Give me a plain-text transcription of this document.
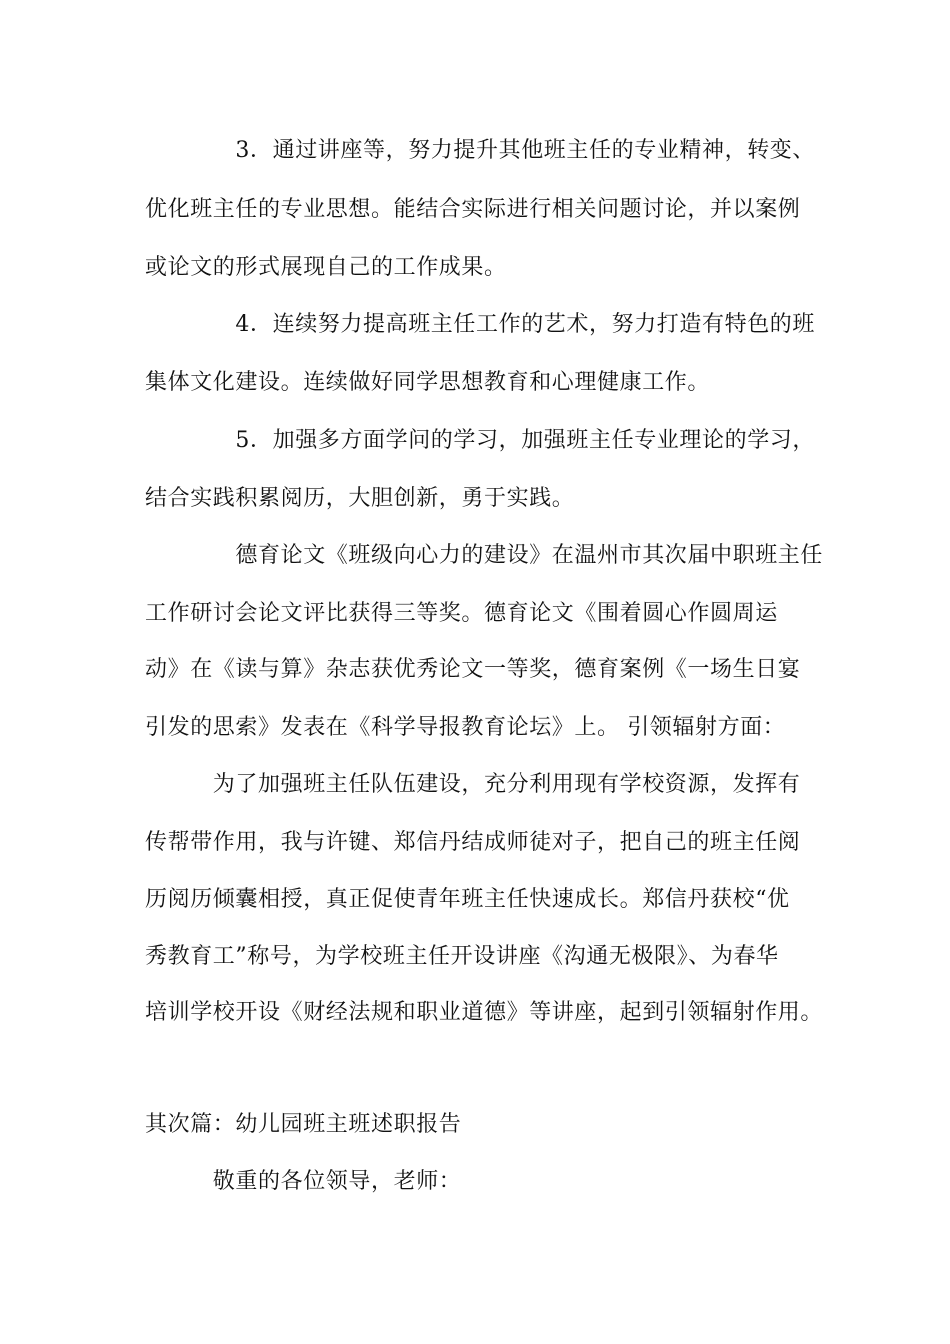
　　　　3．通过讲座等，努力提升其他班主任的专业精神，转变、
优化班主任的专业思想。能结合实际进行相关问题讨论，并以案例
或论文的形式展现自己的工作成果。
　　　　4．连续努力提高班主任工作的艺术，努力打造有特色的班
集体文化建设。连续做好同学思想教育和心理健康工作。
　　　　5．加强多方面学问的学习，加强班主任专业理论的学习，
结合实践积累阅历，大胆创新，勇于实践。
　　　　德育论文《班级向心力的建设》在温州市其次届中职班主任
工作研讨会论文评比获得三等奖。德育论文《围着圆心作圆周运
动》在《读与算》杂志获优秀论文一等奖，德育案例《一场生日宴
引发的思索》发表在《科学导报教育论坛》上。 引领辐射方面：
　　　为了加强班主任队伍建设，充分利用现有学校资源，发挥有
传帮带作用，我与许键、郑信丹结成师徒对子，把自己的班主任阅
历阅历倾囊相授，真正促使青年班主任快速成长。郑信丹获校“优
秀教育工”称号，为学校班主任开设讲座《沟通无极限》、为春华
培训学校开设《财经法规和职业道德》等讲座，起到引领辐射作用。
其次篇：幼儿园班主班述职报告
　　　敬重的各位领导，老师：
